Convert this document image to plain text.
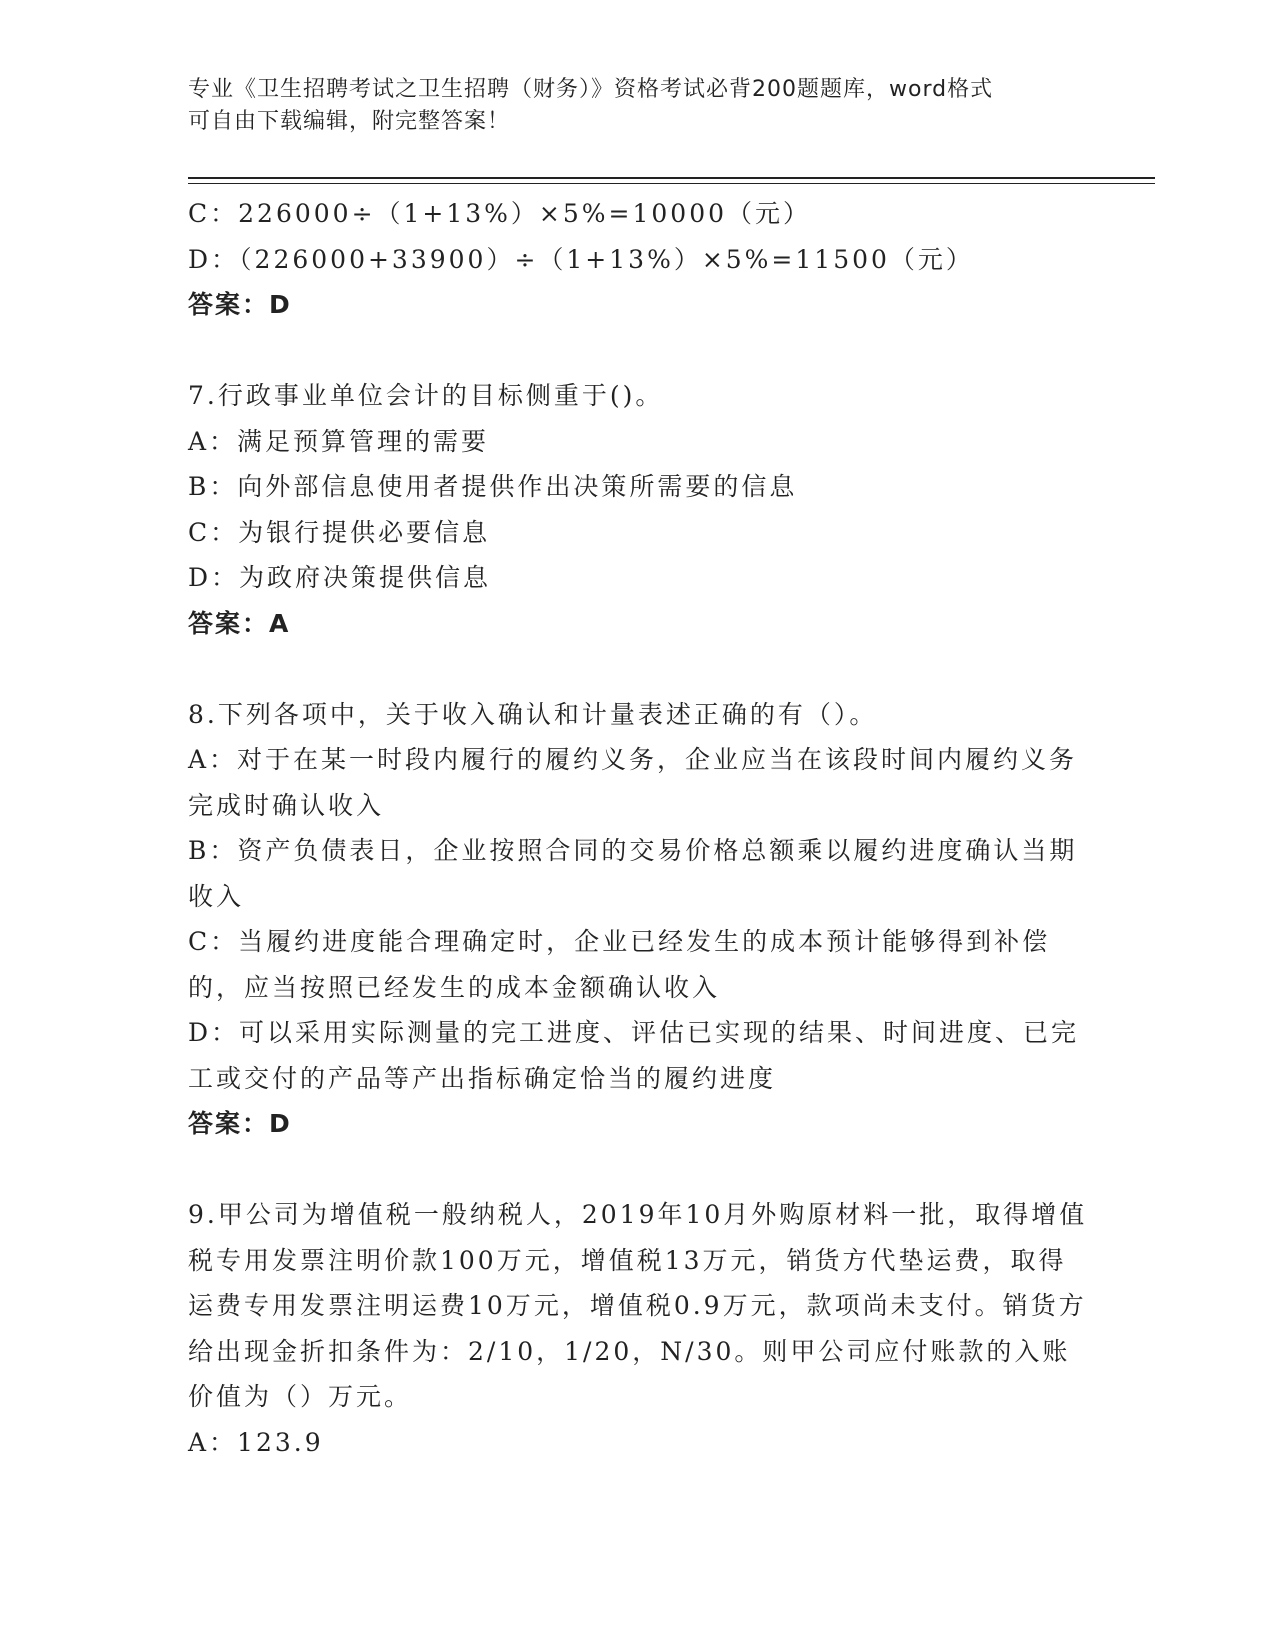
专业《卫生招聘考试之卫生招聘（财务）》资格考试必背200题题库，word格式
可自由下载编辑，附完整答案！
C：226000÷（1+13%）×5%=10000（元）
D：（226000+33900）÷（1+13%）×5%=11500（元）
答案：D
7.行政事业单位会计的目标侧重于()。
A：满足预算管理的需要
B：向外部信息使用者提供作出决策所需要的信息
C：为银行提供必要信息
D：为政府决策提供信息
答案：A
8.下列各项中，关于收入确认和计量表述正确的有（）。
A：对于在某一时段内履行的履约义务，企业应当在该段时间内履约义务完成时确认收入
B：资产负债表日，企业按照合同的交易价格总额乘以履约进度确认当期收入
C：当履约进度能合理确定时，企业已经发生的成本预计能够得到补偿的，应当按照已经发生的成本金额确认收入
D：可以采用实际测量的完工进度、评估已实现的结果、时间进度、已完工或交付的产品等产出指标确定恰当的履约进度
答案：D
9.甲公司为增值税一般纳税人，2019年10月外购原材料一批，取得增值税专用发票注明价款100万元，增值税13万元，销货方代垫运费，取得运费专用发票注明运费10万元，增值税0.9万元，款项尚未支付。销货方给出现金折扣条件为：2/10，1/20，N/30。则甲公司应付账款的入账价值为（）万元。
A：123.9
